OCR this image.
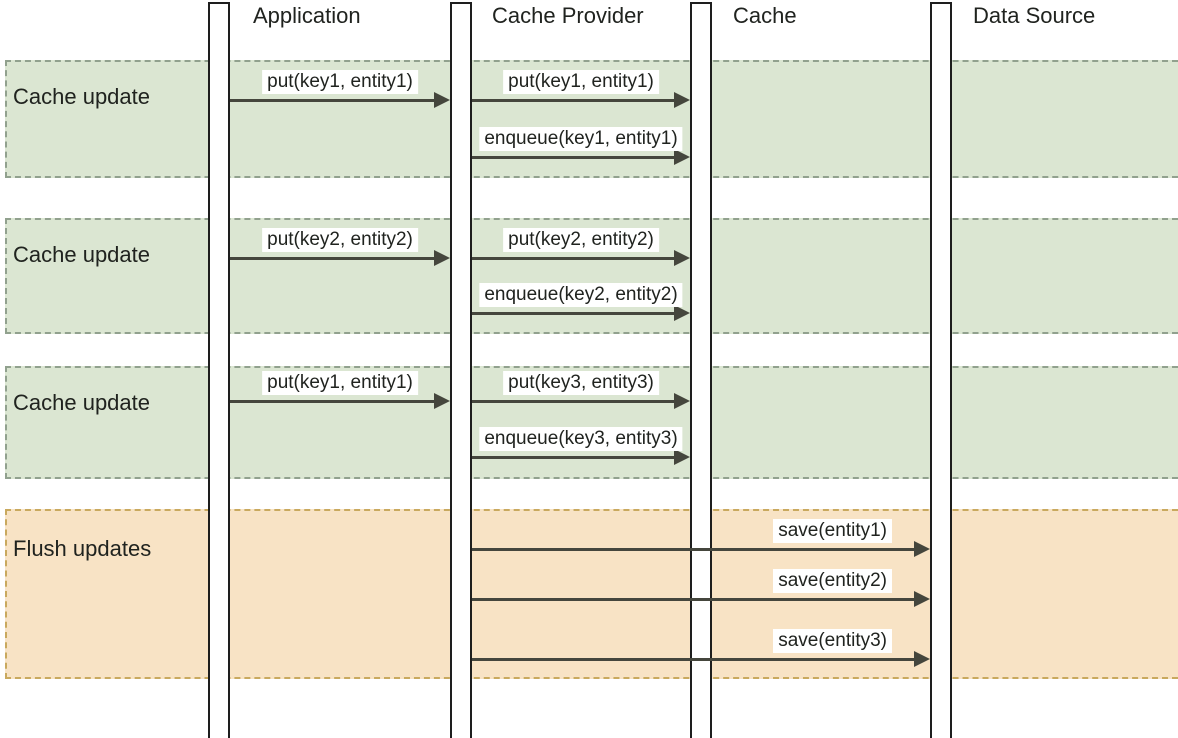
Cache update
Cache update
Cache update
Flush updates
Application	Cache Provider	Cache	Data Source
put(key1, entity1)	put(key1, entity1)
enqueue(key1, entity1)
put(key2, entity2)	put(key2, entity2)
enqueue(key2, entity2)
put(key1, entity1)	put(key3, entity3)
enqueue(key3, entity3)
save(entity1)
save(entity2)
save(entity3)
